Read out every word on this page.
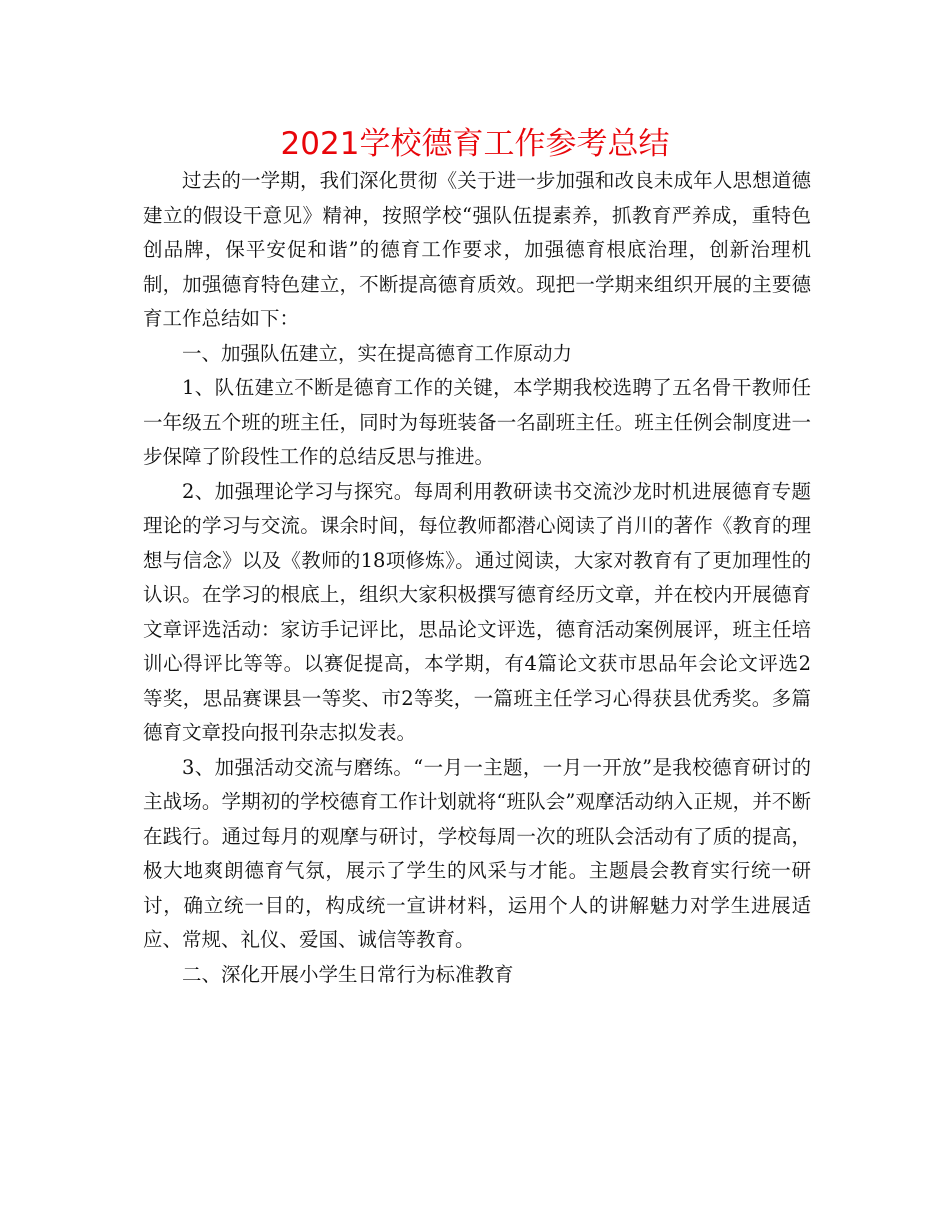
2021学校德育工作参考总结

过去的一学期，我们深化贯彻《关于进一步加强和改良未成年人思想道德建立的假设干意见》精神，按照学校“强队伍提素养，抓教育严养成，重特色创品牌，保平安促和谐”的德育工作要求，加强德育根底治理，创新治理机制，加强德育特色建立，不断提高德育质效。现把一学期来组织开展的主要德育工作总结如下：

一、加强队伍建立，实在提高德育工作原动力

1、队伍建立不断是德育工作的关键，本学期我校选聘了五名骨干教师任一年级五个班的班主任，同时为每班装备一名副班主任。班主任例会制度进一步保障了阶段性工作的总结反思与推进。

2、加强理论学习与探究。每周利用教研读书交流沙龙时机进展德育专题理论的学习与交流。课余时间，每位教师都潜心阅读了肖川的著作《教育的理想与信念》以及《教师的18项修炼》。通过阅读，大家对教育有了更加理性的认识。在学习的根底上，组织大家积极撰写德育经历文章，并在校内开展德育文章评选活动：家访手记评比，思品论文评选，德育活动案例展评，班主任培训心得评比等等。以赛促提高，本学期，有4篇论文获市思品年会论文评选2等奖，思品赛课县一等奖、市2等奖，一篇班主任学习心得获县优秀奖。多篇德育文章投向报刊杂志拟发表。

3、加强活动交流与磨练。“一月一主题，一月一开放”是我校德育研讨的主战场。学期初的学校德育工作计划就将“班队会”观摩活动纳入正规，并不断在践行。通过每月的观摩与研讨，学校每周一次的班队会活动有了质的提高，极大地爽朗德育气氛，展示了学生的风采与才能。主题晨会教育实行统一研讨，确立统一目的，构成统一宣讲材料，运用个人的讲解魅力对学生进展适应、常规、礼仪、爱国、诚信等教育。

二、深化开展小学生日常行为标准教育
